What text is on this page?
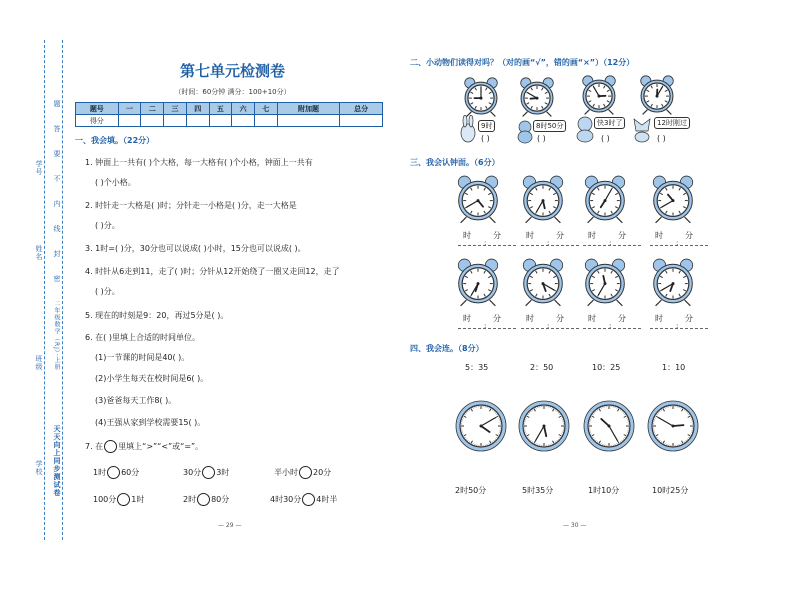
题
答
要
不
内
线
封
密
学号
姓名
班级
学校
二年级数学（RJ）·上册
天天向上同步测试卷
第七单元检测卷
（时间：60分钟 满分：100+10分）
题号	一	二	三	四	五	六	七	附加题	总分
得分									
一、我会填。（22分）
1. 钟面上一共有( )个大格，每一大格有( )个小格，钟面上一共有
( )个小格。
2. 时针走一大格是( )时；分针走一小格是( )分，走一大格是
( )分。
3. 1时=( )分，30分也可以说成( )小时，15分也可以说成( )。
4. 时针从6走到11，走了( )时；分针从12开始绕了一圈又走回12，走了
( )分。
5. 现在的时刻是9：20，再过5分是( )。
6. 在( )里填上合适的时间单位。
(1)一节课的时间是40( )。
(2)小学生每天在校时间是6( )。
(3)爸爸每天工作8( )。
(4)王强从家到学校需要15( )。
7. 在 里填上“>”“<”或“=”。
1时 60分	30分 3时	半小时 20分
100分 1时	2时 80分	4时30分 4时半
— 29 —
二、小动物们读得对吗？（对的画“√”，错的画“×”）（12分）
9时	8时50分	快3时了	12时刚过
( )	( )	( )	( )
三、我会认钟面。（6分）
时	分
:
时	分
:
时	分
:
时	分
:
时	分
:
时	分
:
时	分
:
时	分
:
四、我会连。（8分）
5：35	2：50	10：25	1：10
2时50分	5时35分	1时10分	10时25分
— 30 —
